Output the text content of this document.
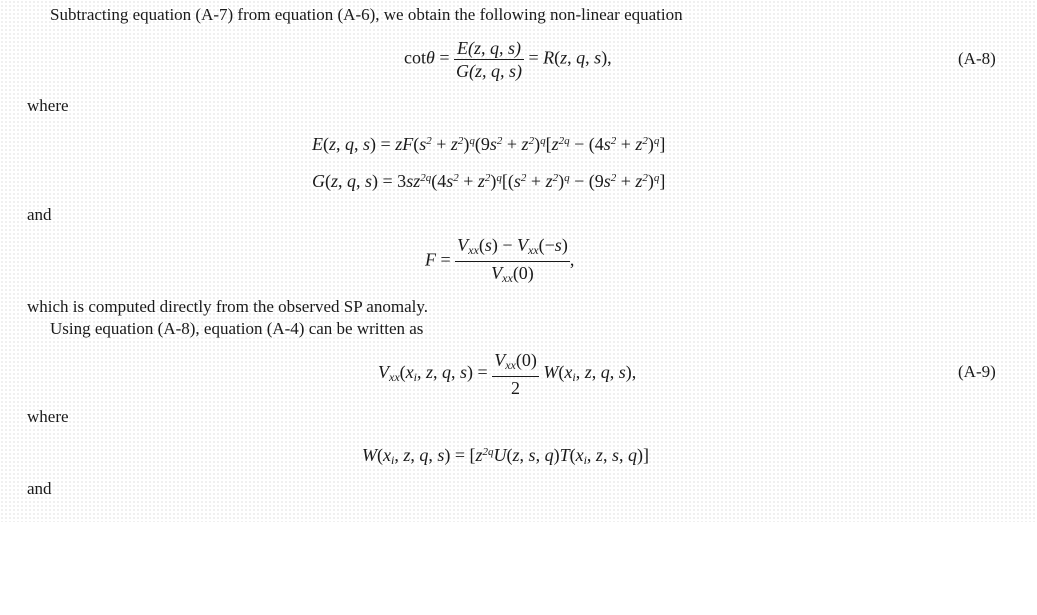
Subtracting equation (A-7) from equation (A-6), we obtain the following non-linear equation
$\cot\theta = \frac{E(z, q, s)}{G(z, q, s)} = R(z$, q, s),	(A-8)
where
E(z, q, $s) = zF(s^2 + z^2)^q(9s^2 + z^2)^q[z^{2q} - (4s^2 + z^2)^q]$
G(z, q, $s) = 3sz^{2q}(4s^2 + z^2)^q[(s^2 + z^2)^q - (9s^2 + z^2)^q]$
and
$F = \frac{V_{xx}(s) - V_{xx}(-s)}{V_{xx}(0)}$ ,
which is computed directly from the observed SP anomaly.
Using equation (A-8), equation (A-4) can be written as
$V_{xx}(x_i$, z, q, $s) = \frac{V_{xx}(0)}{2} W(x_i$, z, q, s),	(A-9)
where
$W(x_i$, z, q, $s) = [z^{2q}U(z$, s, $q)T(x_i$, z, s, q)]
and
